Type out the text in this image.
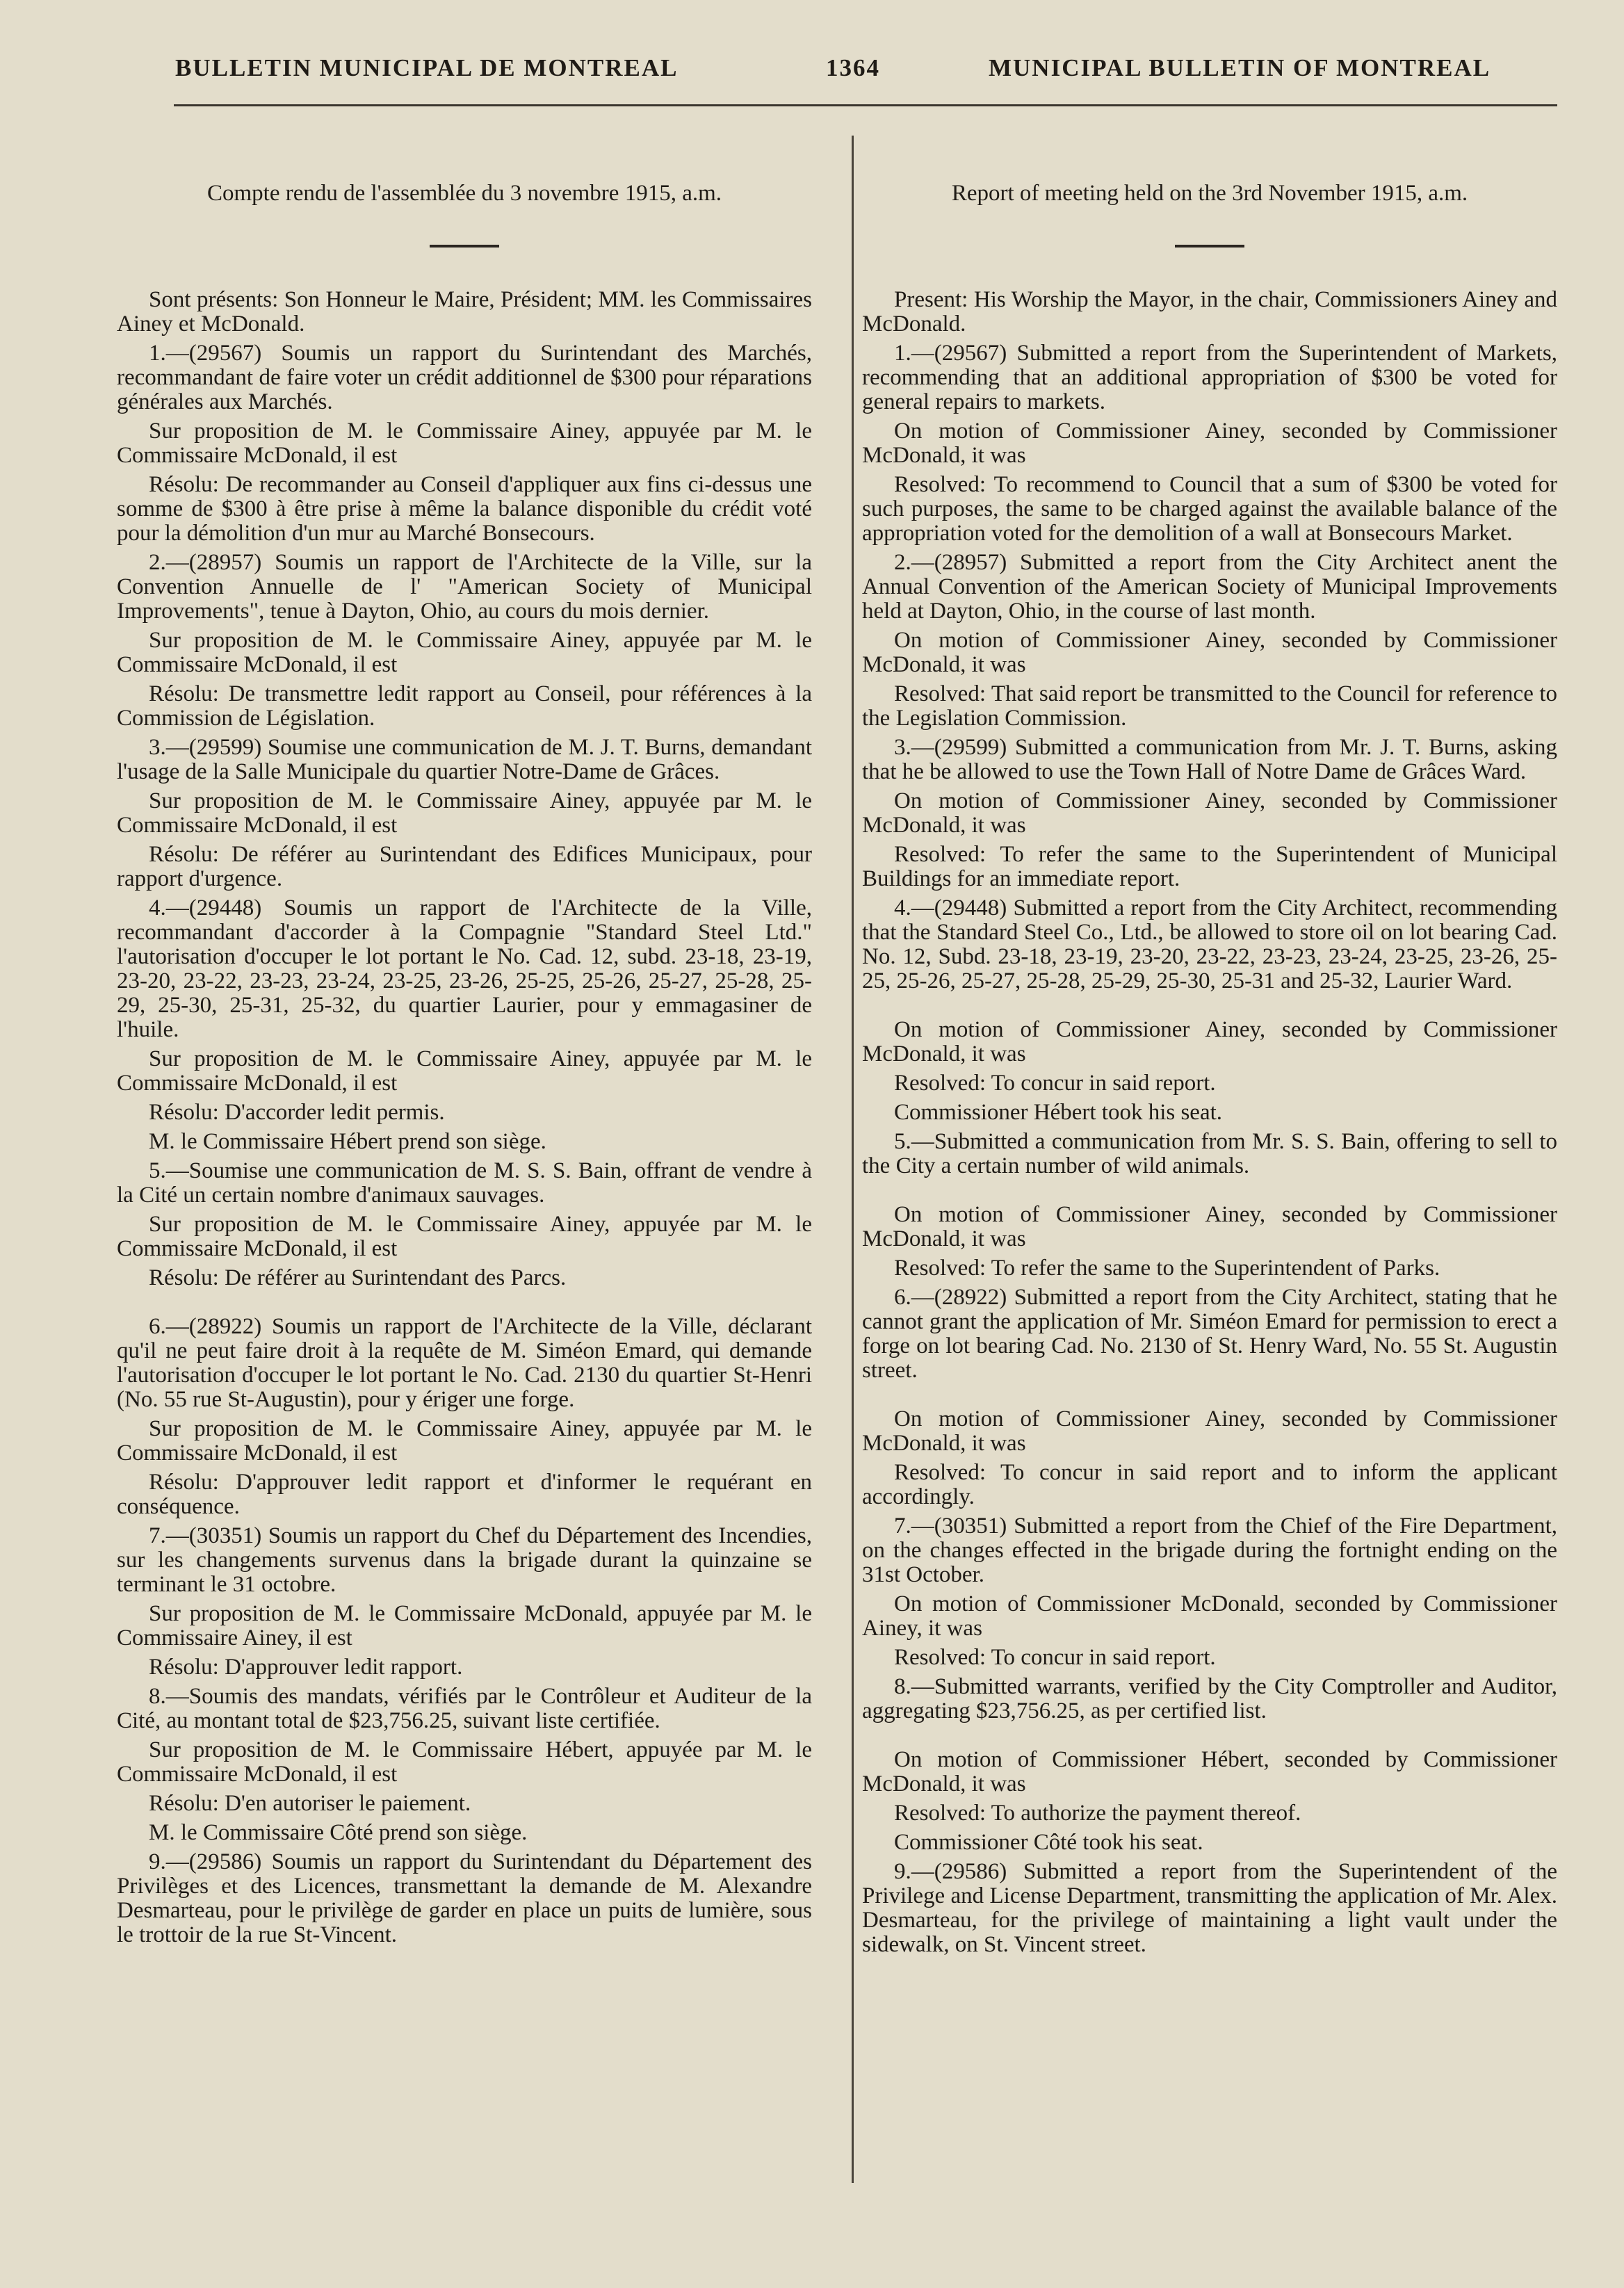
BULLETIN MUNICIPAL DE MONTREAL	1364	MUNICIPAL BULLETIN OF MONTREAL
Compte rendu de l'assemblée du 3 novembre 1915, a.m.

Sont présents: Son Honneur le Maire, Président; MM. les Commissaires Ainey et McDonald.

1.—(29567) Soumis un rapport du Surintendant des Marchés, recommandant de faire voter un crédit additionnel de $300 pour réparations générales aux Marchés.

Sur proposition de M. le Commissaire Ainey, appuyée par M. le Commissaire McDonald, il est

Résolu: De recommander au Conseil d'appliquer aux fins ci-dessus une somme de $300 à être prise à même la balance disponible du crédit voté pour la démolition d'un mur au Marché Bonsecours.

2.—(28957) Soumis un rapport de l'Architecte de la Ville, sur la Convention Annuelle de l' "American Society of Municipal Improvements", tenue à Dayton, Ohio, au cours du mois dernier.

Sur proposition de M. le Commissaire Ainey, appuyée par M. le Commissaire McDonald, il est

Résolu: De transmettre ledit rapport au Conseil, pour références à la Commission de Législation.

3.—(29599) Soumise une communication de M. J. T. Burns, demandant l'usage de la Salle Municipale du quartier Notre-Dame de Grâces.

Sur proposition de M. le Commissaire Ainey, appuyée par M. le Commissaire McDonald, il est

Résolu: De référer au Surintendant des Edifices Municipaux, pour rapport d'urgence.

4.—(29448) Soumis un rapport de l'Architecte de la Ville, recommandant d'accorder à la Compagnie "Standard Steel Ltd." l'autorisation d'occuper le lot portant le No. Cad. 12, subd. 23-18, 23-19, 23-20, 23-22, 23-23, 23-24, 23-25, 23-26, 25-25, 25-26, 25-27, 25-28, 25-29, 25-30, 25-31, 25-32, du quartier Laurier, pour y emmagasiner de l'huile.

Sur proposition de M. le Commissaire Ainey, appuyée par M. le Commissaire McDonald, il est

Résolu: D'accorder ledit permis.

M. le Commissaire Hébert prend son siège.

5.—Soumise une communication de M. S. S. Bain, offrant de vendre à la Cité un certain nombre d'animaux sauvages.

Sur proposition de M. le Commissaire Ainey, appuyée par M. le Commissaire McDonald, il est

Résolu: De référer au Surintendant des Parcs.

6.—(28922) Soumis un rapport de l'Architecte de la Ville, déclarant qu'il ne peut faire droit à la requête de M. Siméon Emard, qui demande l'autorisation d'occuper le lot portant le No. Cad. 2130 du quartier St-Henri (No. 55 rue St-Augustin), pour y ériger une forge.

Sur proposition de M. le Commissaire Ainey, appuyée par M. le Commissaire McDonald, il est

Résolu: D'approuver ledit rapport et d'informer le requérant en conséquence.

7.—(30351) Soumis un rapport du Chef du Département des Incendies, sur les changements survenus dans la brigade durant la quinzaine se terminant le 31 octobre.

Sur proposition de M. le Commissaire McDonald, appuyée par M. le Commissaire Ainey, il est

Résolu: D'approuver ledit rapport.

8.—Soumis des mandats, vérifiés par le Contrôleur et Auditeur de la Cité, au montant total de $23,756.25, suivant liste certifiée.

Sur proposition de M. le Commissaire Hébert, appuyée par M. le Commissaire McDonald, il est

Résolu: D'en autoriser le paiement.

M. le Commissaire Côté prend son siège.

9.—(29586) Soumis un rapport du Surintendant du Département des Privilèges et des Licences, transmettant la demande de M. Alexandre Desmarteau, pour le privilège de garder en place un puits de lumière, sous le trottoir de la rue St-Vincent.

Report of meeting held on the 3rd November 1915, a.m.

Present: His Worship the Mayor, in the chair, Commissioners Ainey and McDonald.

1.—(29567) Submitted a report from the Superintendent of Markets, recommending that an additional appropriation of $300 be voted for general repairs to markets.

On motion of Commissioner Ainey, seconded by Commissioner McDonald, it was

Resolved: To recommend to Council that a sum of $300 be voted for such purposes, the same to be charged against the available balance of the appropriation voted for the demolition of a wall at Bonsecours Market.

2.—(28957) Submitted a report from the City Architect anent the Annual Convention of the American Society of Municipal Improvements held at Dayton, Ohio, in the course of last month.

On motion of Commissioner Ainey, seconded by Commissioner McDonald, it was

Resolved: That said report be transmitted to the Council for reference to the Legislation Commission.

3.—(29599) Submitted a communication from Mr. J. T. Burns, asking that he be allowed to use the Town Hall of Notre Dame de Grâces Ward.

On motion of Commissioner Ainey, seconded by Commissioner McDonald, it was

Resolved: To refer the same to the Superintendent of Municipal Buildings for an immediate report.

4.—(29448) Submitted a report from the City Architect, recommending that the Standard Steel Co., Ltd., be allowed to store oil on lot bearing Cad. No. 12, Subd. 23-18, 23-19, 23-20, 23-22, 23-23, 23-24, 23-25, 23-26, 25-25, 25-26, 25-27, 25-28, 25-29, 25-30, 25-31 and 25-32, Laurier Ward.

On motion of Commissioner Ainey, seconded by Commissioner McDonald, it was

Resolved: To concur in said report.

Commissioner Hébert took his seat.

5.—Submitted a communication from Mr. S. S. Bain, offering to sell to the City a certain number of wild animals.

On motion of Commissioner Ainey, seconded by Commissioner McDonald, it was

Resolved: To refer the same to the Superintendent of Parks.

6.—(28922) Submitted a report from the City Architect, stating that he cannot grant the application of Mr. Siméon Emard for permission to erect a forge on lot bearing Cad. No. 2130 of St. Henry Ward, No. 55 St. Augustin street.

On motion of Commissioner Ainey, seconded by Commissioner McDonald, it was

Resolved: To concur in said report and to inform the applicant accordingly.

7.—(30351) Submitted a report from the Chief of the Fire Department, on the changes effected in the brigade during the fortnight ending on the 31st October.

On motion of Commissioner McDonald, seconded by Commissioner Ainey, it was

Resolved: To concur in said report.

8.—Submitted warrants, verified by the City Comptroller and Auditor, aggregating $23,756.25, as per certified list.

On motion of Commissioner Hébert, seconded by Commissioner McDonald, it was

Resolved: To authorize the payment thereof.

Commissioner Côté took his seat.

9.—(29586) Submitted a report from the Superintendent of the Privilege and License Department, transmitting the application of Mr. Alex. Desmarteau, for the privilege of maintaining a light vault under the sidewalk, on St. Vincent street.
